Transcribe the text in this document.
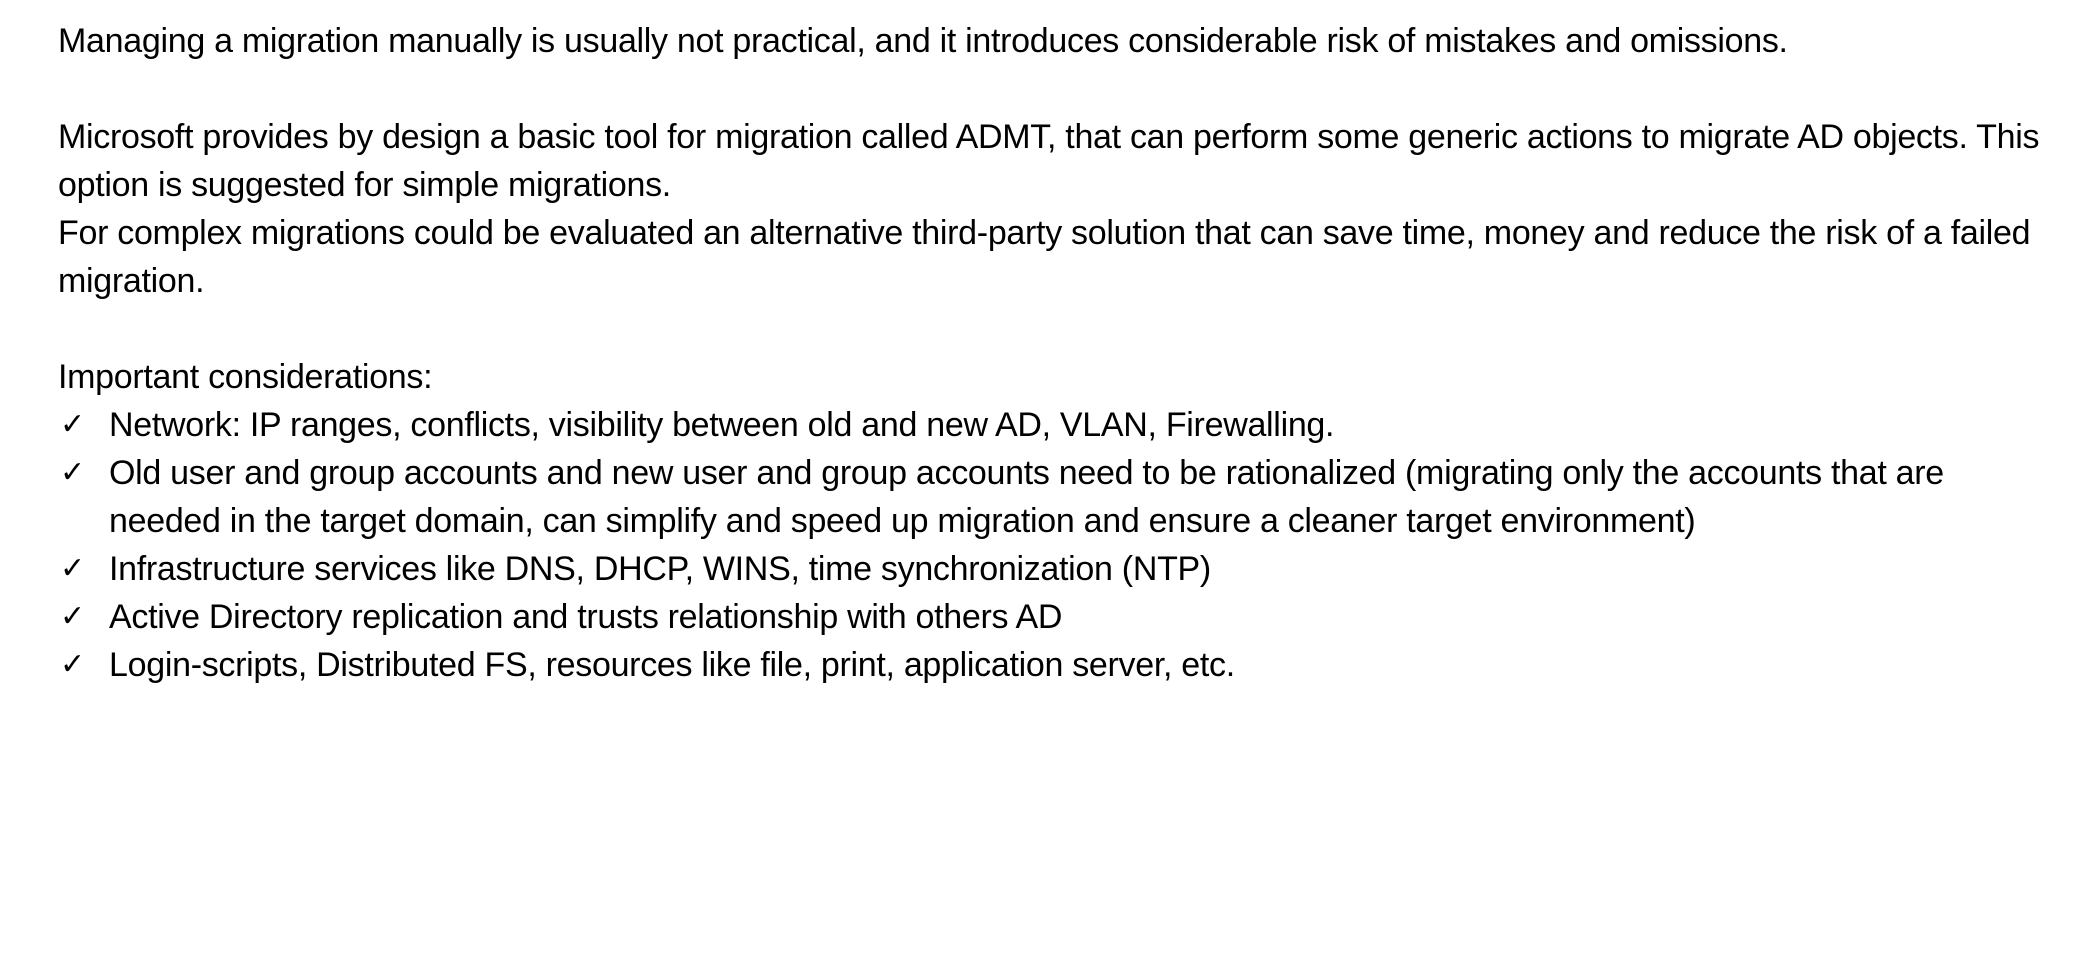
Managing a migration manually is usually not practical, and it introduces considerable risk of mistakes and omissions.

Microsoft provides by design a basic tool for migration called ADMT, that can perform some generic actions to migrate AD objects. This option is suggested for simple migrations.

For complex migrations could be evaluated an alternative third-party solution that can save time, money and reduce the risk of a failed migration.

Important considerations:

✓ Network: IP ranges, conflicts, visibility between old and new AD, VLAN, Firewalling.
✓ Old user and group accounts and new user and group accounts need to be rationalized (migrating only the accounts that are needed in the target domain, can simplify and speed up migration and ensure a cleaner target environment)
✓ Infrastructure services like DNS, DHCP, WINS, time synchronization (NTP)
✓ Active Directory replication and trusts relationship with others AD
✓ Login-scripts, Distributed FS, resources like file, print, application server, etc.
